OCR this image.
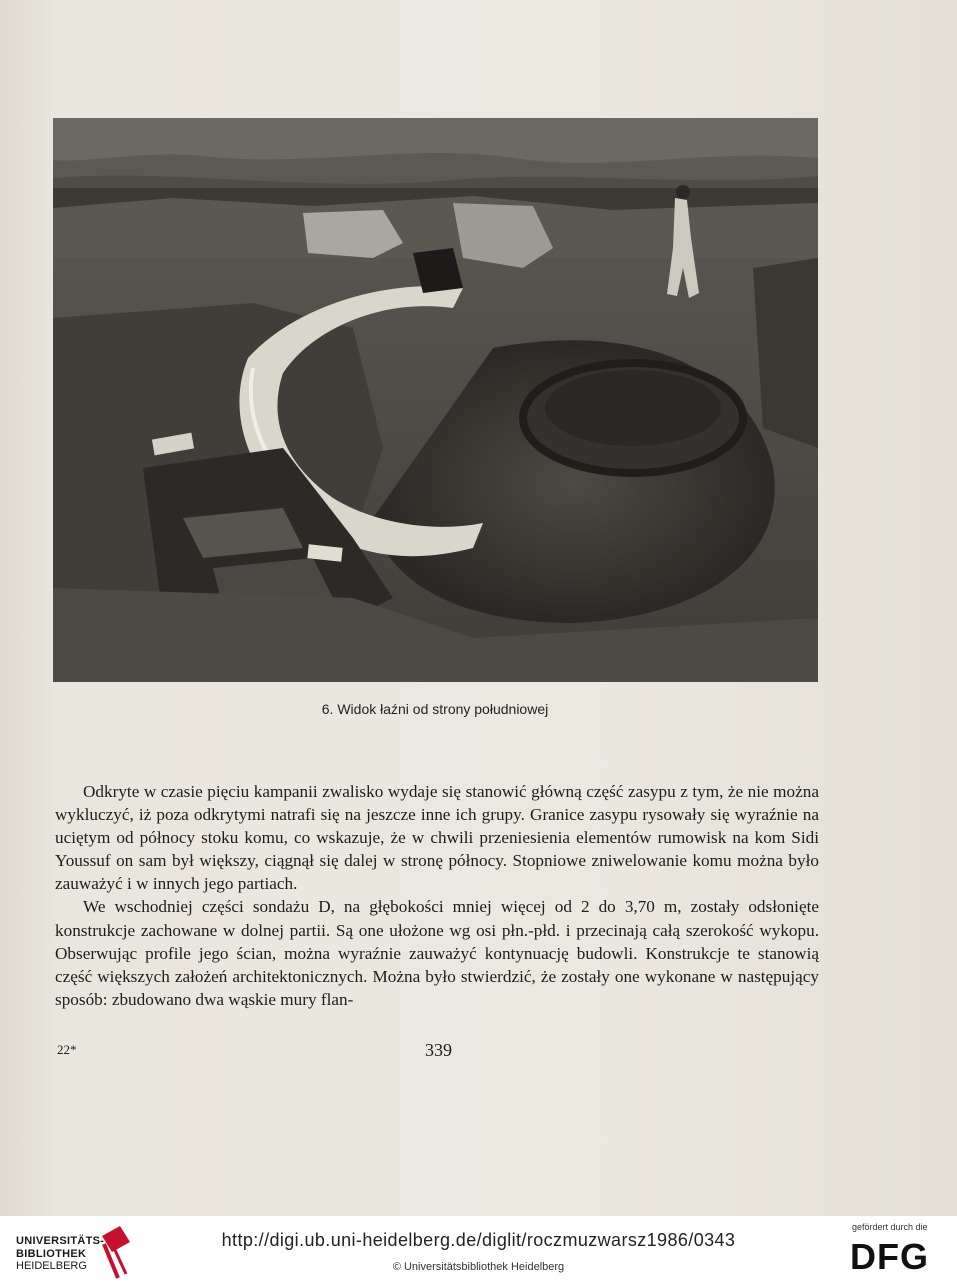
6. Widok łaźni od strony południowej

Odkryte w czasie pięciu kampanii zwalisko wydaje się stanowić główną część zasypu z tym, że nie można wykluczyć, iż poza odkrytymi natrafi się na jeszcze inne ich grupy. Granice zasypu rysowały się wyraźnie na uciętym od północy stoku komu, co wskazuje, że w chwili przeniesienia elementów rumowisk na kom Sidi Youssuf on sam był większy, ciągnął się dalej w stronę północy. Stopniowe zniwelowanie komu można było zauważyć i w innych jego partiach.

We wschodniej części sondażu D, na głębokości mniej więcej od 2 do 3,70 m, zostały odsłonięte konstrukcje zachowane w dolnej partii. Są one ułożone wg osi płn.-płd. i przecinają całą szerokość wykopu. Obserwując profile jego ścian, można wyraźnie zauważyć kontynuację budowli. Konstrukcje te stanowią część większych założeń architektonicznych. Można było stwierdzić, że zostały one wykonane w następujący sposób: zbudowano dwa wąskie mury flan-

22*	339
UNIVERSITÄTS-
BIBLIOTHEK
HEIDELBERG
http://digi.ub.uni-heidelberg.de/diglit/roczmuzwarsz1986/0343
© Universitätsbibliothek Heidelberg
gefördert durch die
DFG
